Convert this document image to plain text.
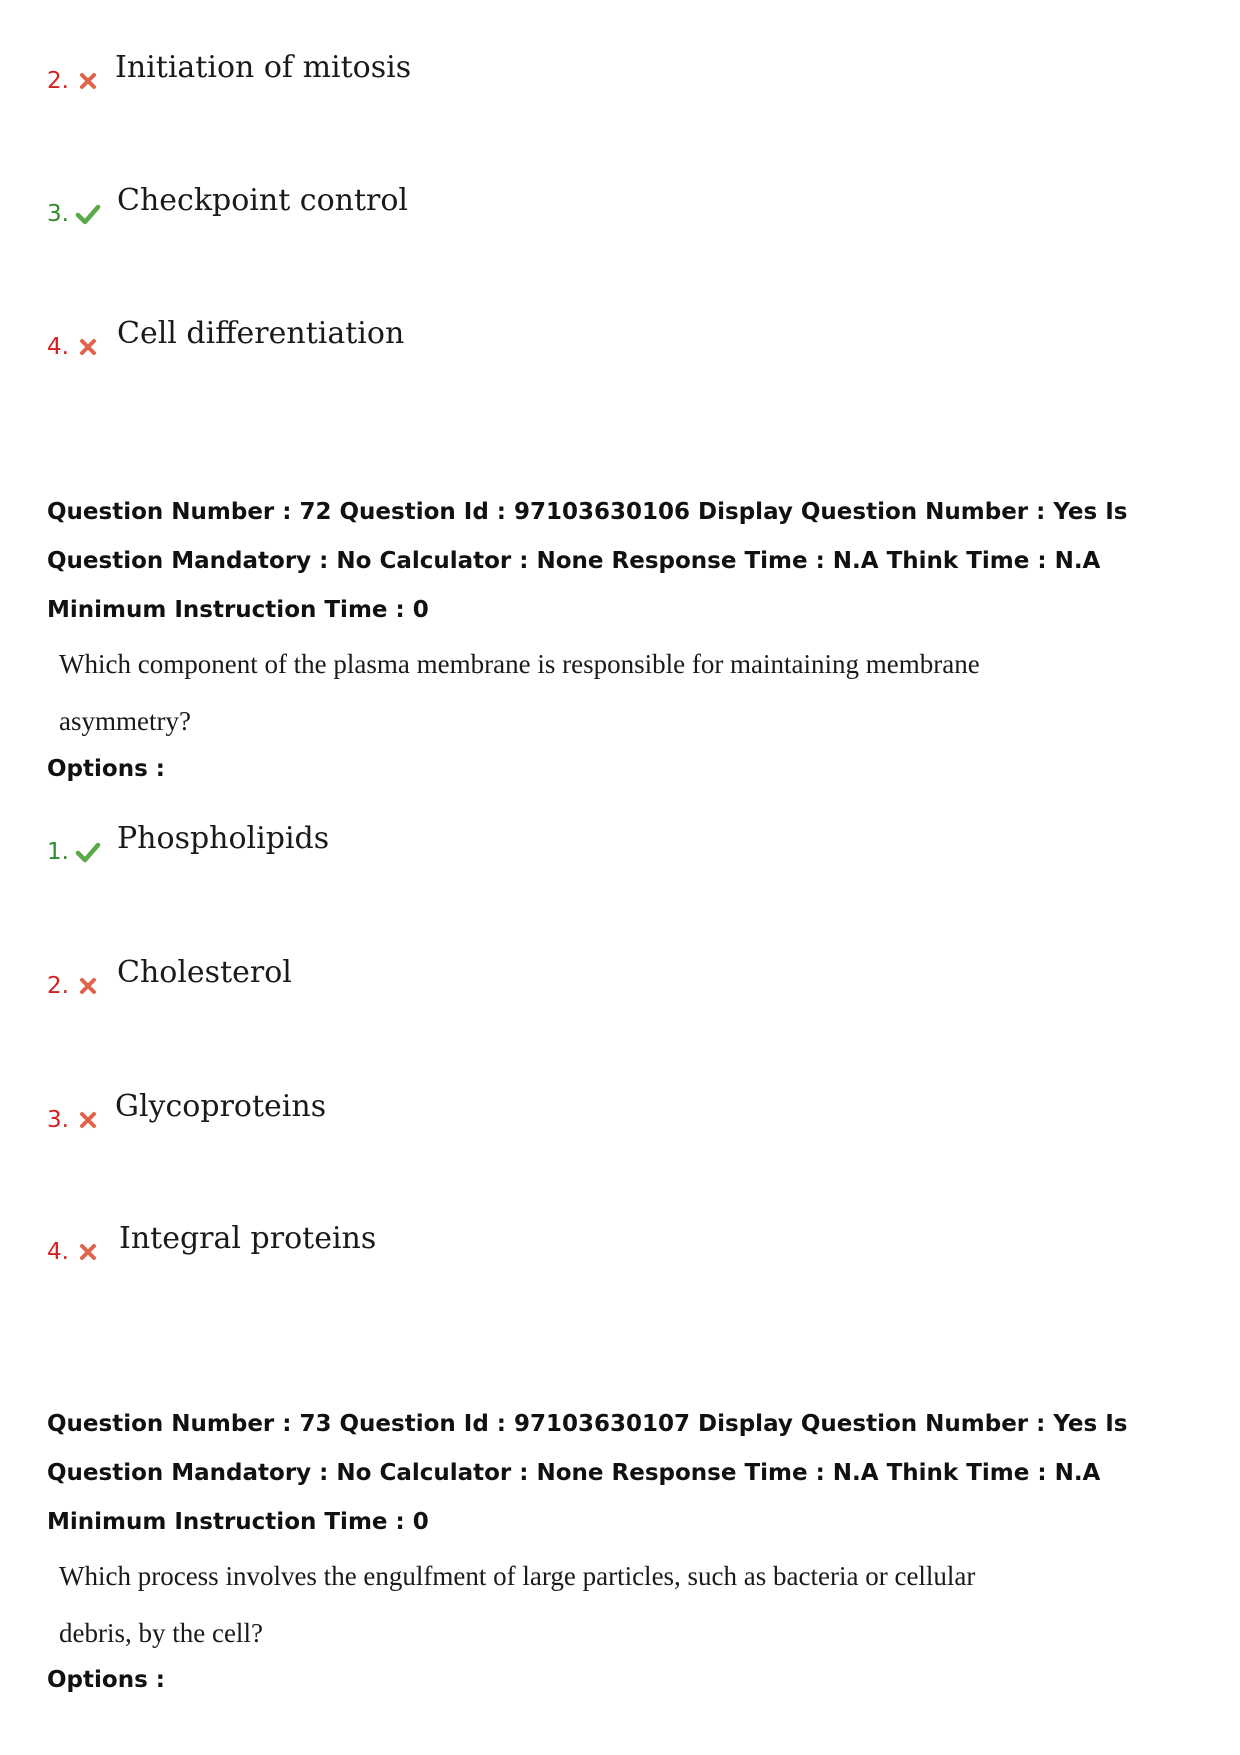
2. Initiation of mitosis
3. Checkpoint control
4. Cell differentiation
Question Number : 72 Question Id : 97103630106 Display Question Number : Yes Is Question Mandatory : No Calculator : None Response Time : N.A Think Time : N.A Minimum Instruction Time : 0
Which component of the plasma membrane is responsible for maintaining membrane
asymmetry?
Options :
1. Phospholipids
2. Cholesterol
3. Glycoproteins
4. Integral proteins
Question Number : 73 Question Id : 97103630107 Display Question Number : Yes Is Question Mandatory : No Calculator : None Response Time : N.A Think Time : N.A Minimum Instruction Time : 0
Which process involves the engulfment of large particles, such as bacteria or cellular
debris, by the cell?
Options :
